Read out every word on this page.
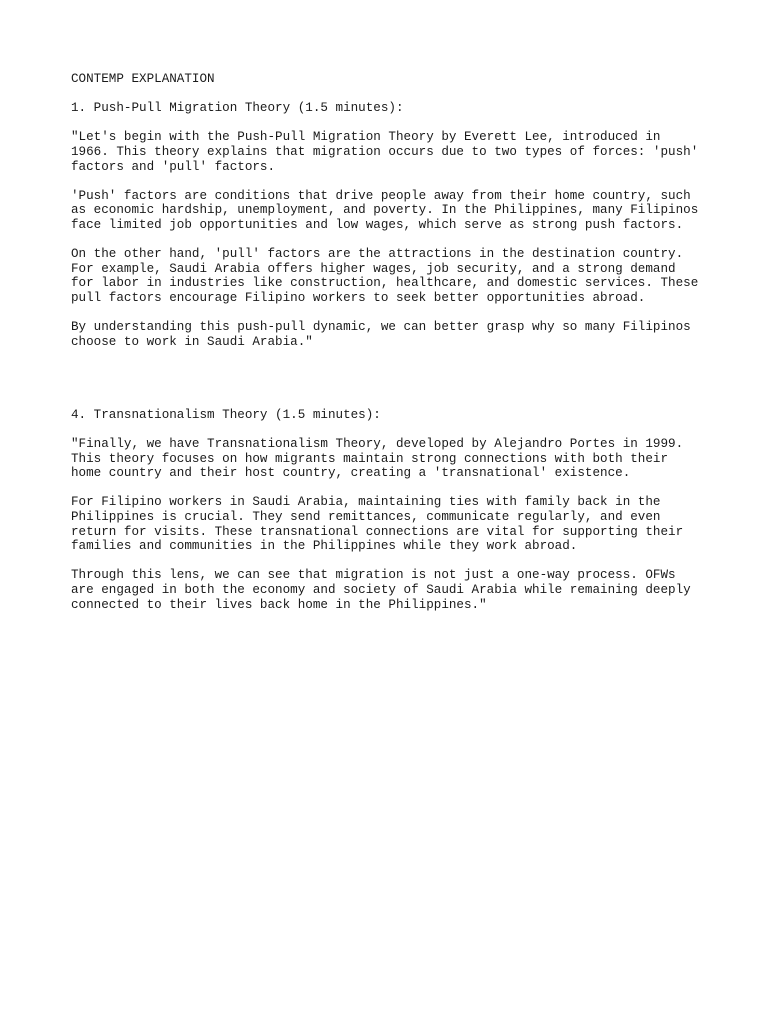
CONTEMP EXPLANATION
1. Push-Pull Migration Theory (1.5 minutes):
"Let's begin with the Push-Pull Migration Theory by Everett Lee, introduced in
1966. This theory explains that migration occurs due to two types of forces: 'push'
factors and 'pull' factors.
'Push' factors are conditions that drive people away from their home country, such
as economic hardship, unemployment, and poverty. In the Philippines, many Filipinos
face limited job opportunities and low wages, which serve as strong push factors.
On the other hand, 'pull' factors are the attractions in the destination country.
For example, Saudi Arabia offers higher wages, job security, and a strong demand
for labor in industries like construction, healthcare, and domestic services. These
pull factors encourage Filipino workers to seek better opportunities abroad.
By understanding this push-pull dynamic, we can better grasp why so many Filipinos
choose to work in Saudi Arabia."
4. Transnationalism Theory (1.5 minutes):
"Finally, we have Transnationalism Theory, developed by Alejandro Portes in 1999.
This theory focuses on how migrants maintain strong connections with both their
home country and their host country, creating a 'transnational' existence.
For Filipino workers in Saudi Arabia, maintaining ties with family back in the
Philippines is crucial. They send remittances, communicate regularly, and even
return for visits. These transnational connections are vital for supporting their
families and communities in the Philippines while they work abroad.
Through this lens, we can see that migration is not just a one-way process. OFWs
are engaged in both the economy and society of Saudi Arabia while remaining deeply
connected to their lives back home in the Philippines."
